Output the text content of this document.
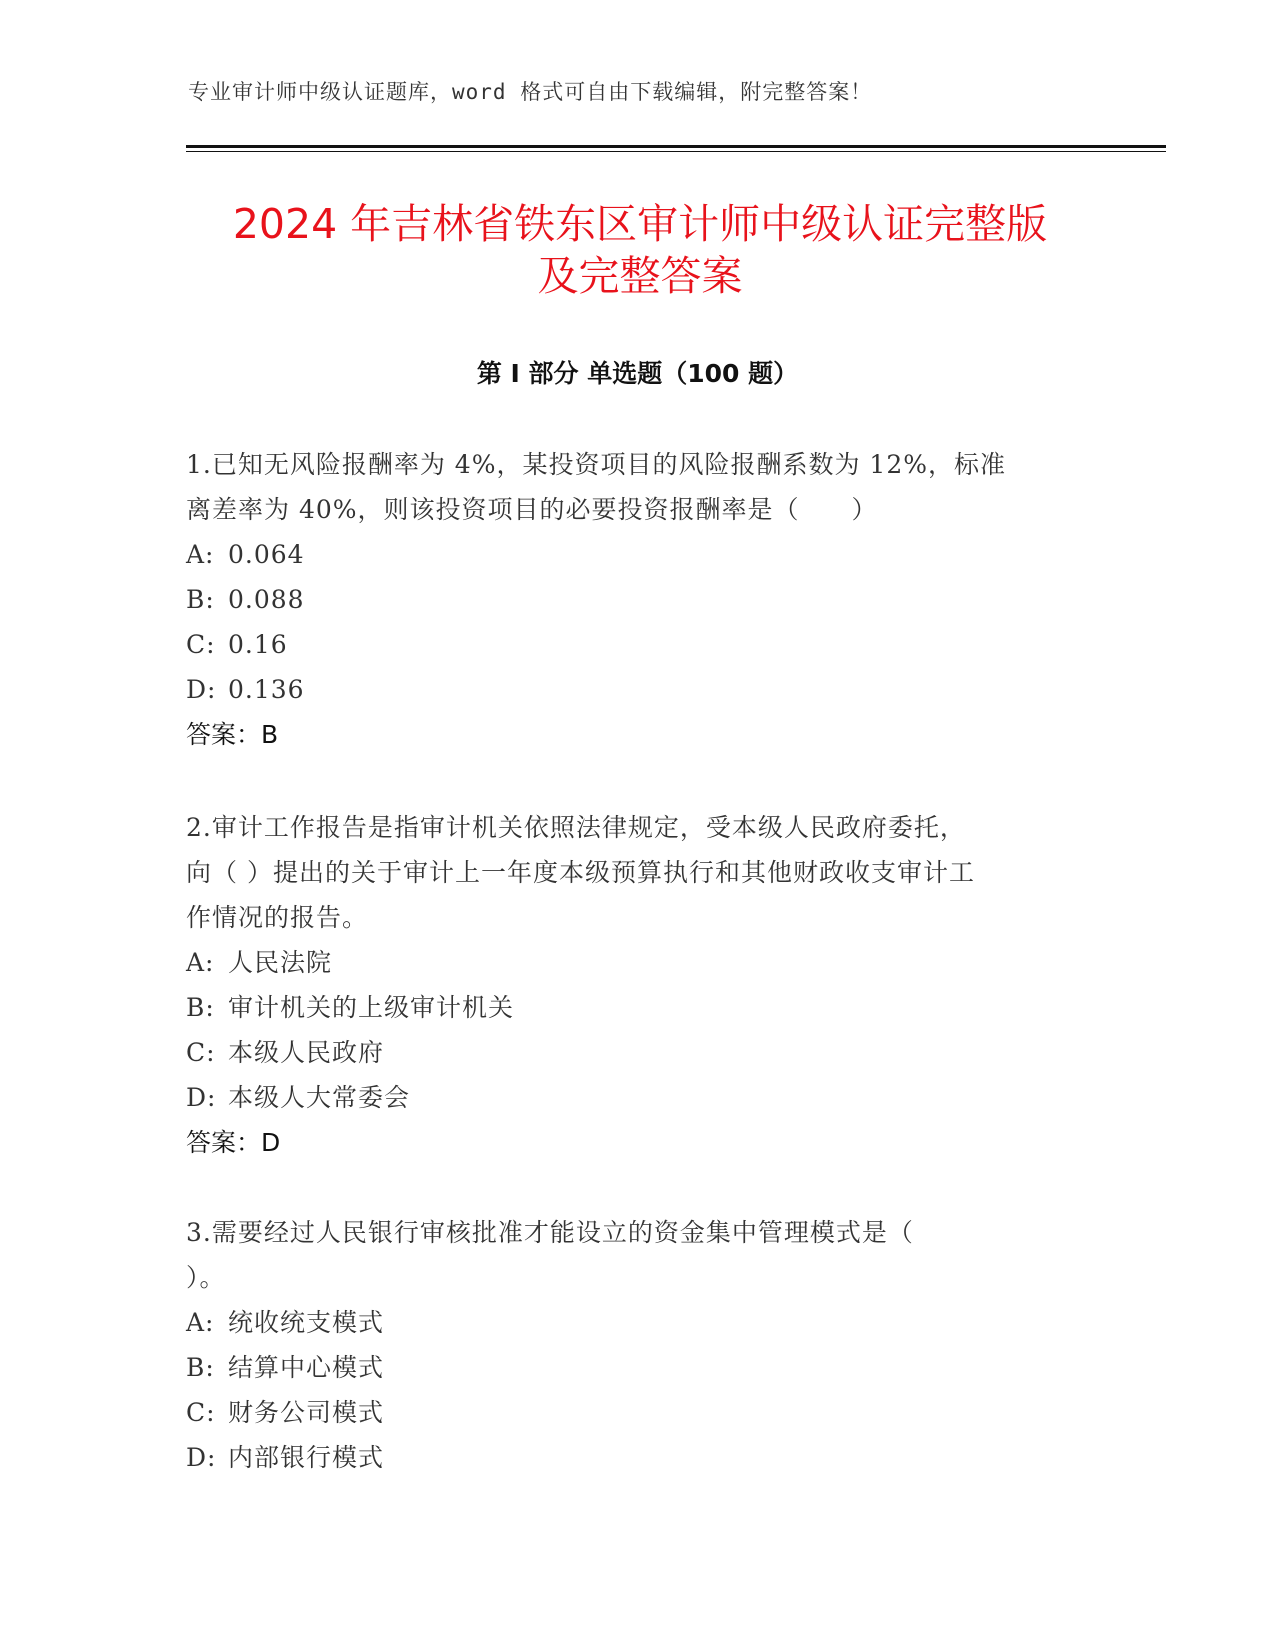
专业审计师中级认证题库，word 格式可自由下载编辑，附完整答案！
2024 年吉林省铁东区审计师中级认证完整版
及完整答案
第 I 部分 单选题（100 题）

1.已知无风险报酬率为 4%，某投资项目的风险报酬系数为 12%，标准

离差率为 40%，则该投资项目的必要投资报酬率是（　　）

A: 0.064

B: 0.088

C: 0.16

D: 0.136

答案：B

2.审计工作报告是指审计机关依照法律规定，受本级人民政府委托，

向（ ）提出的关于审计上一年度本级预算执行和其他财政收支审计工

作情况的报告。

A: 人民法院

B: 审计机关的上级审计机关

C: 本级人民政府

D: 本级人大常委会

答案：D

3.需要经过人民银行审核批准才能设立的资金集中管理模式是（

）。

A: 统收统支模式

B: 结算中心模式

C: 财务公司模式

D: 内部银行模式
